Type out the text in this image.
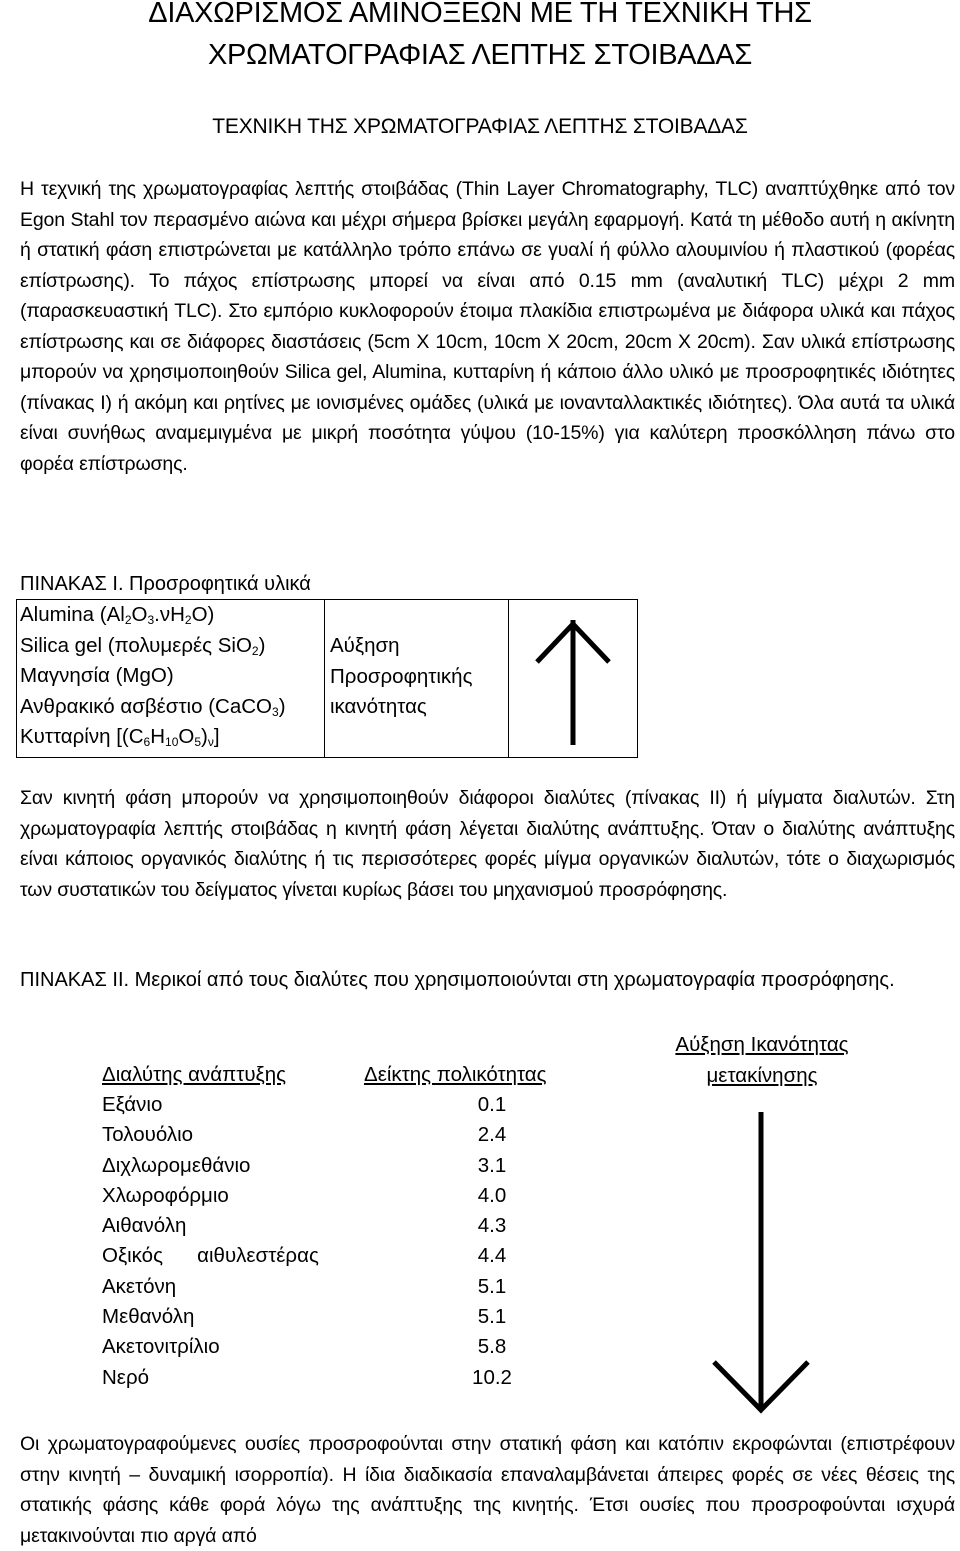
ΔΙΑΧΩΡΙΣΜΟΣ ΑΜΙΝΟΞΕΩΝ ΜΕ ΤΗ ΤΕΧΝΙΚΗ ΤΗΣ ΧΡΩΜΑΤΟΓΡΑΦΙΑΣ ΛΕΠΤΗΣ ΣΤΟΙΒΑΔΑΣ
ΤΕΧΝΙΚΗ ΤΗΣ ΧΡΩΜΑΤΟΓΡΑΦΙΑΣ ΛΕΠΤΗΣ ΣΤΟΙΒΑΔΑΣ

Η τεχνική της χρωματογραφίας λεπτής στοιβάδας (Thin Layer Chromatography, TLC) αναπτύχθηκε από τον Egon Stahl τον περασμένο αιώνα και μέχρι σήμερα βρίσκει μεγάλη εφαρμογή. Κατά τη μέθοδο αυτή η ακίνητη ή στατική φάση επιστρώνεται με κατάλληλο τρόπο επάνω σε γυαλί ή φύλλο αλουμινίου ή πλαστικού (φορέας επίστρωσης). Το πάχος επίστρωσης μπορεί να είναι από 0.15 mm (αναλυτική TLC) μέχρι 2 mm (παρασκευαστική TLC). Στο εμπόριο κυκλοφορούν έτοιμα πλακίδια επιστρωμένα με διάφορα υλικά και πάχος επίστρωσης και σε διάφορες διαστάσεις (5cm X 10cm, 10cm X 20cm, 20cm X 20cm). Σαν υλικά επίστρωσης μπορούν να χρησιμοποιηθούν Silica gel, Alumina, κυτταρίνη ή κάποιο άλλο υλικό με προσροφητικές ιδιότητες (πίνακας Ι) ή ακόμη και ρητίνες με ιονισμένες ομάδες (υλικά με ιονανταλλακτικές ιδιότητες). Όλα αυτά τα υλικά είναι συνήθως αναμεμιγμένα με μικρή ποσότητα γύψου (10-15%) για καλύτερη προσκόλληση πάνω στο φορέα επίστρωσης.

ΠΙΝΑΚΑΣ Ι. Προσροφητικά υλικά

Alumina $(Al_2O_3.\nu H_2O)$
Silica gel (πολυμερές SiO$_2$)
Μαγνησία (MgO)
Ανθρακικό ασβέστιο (CaCO$_3$)
Κυτταρίνη $[(C_6H_{10}O_5)_\nu]$

Αύξηση
Προσροφητικής
ικανότητας

Σαν κινητή φάση μπορούν να χρησιμοποιηθούν διάφοροι διαλύτες (πίνακας ΙΙ) ή μίγματα διαλυτών. Στη χρωματογραφία λεπτής στοιβάδας η κινητή φάση λέγεται διαλύτης ανάπτυξης. Όταν ο διαλύτης ανάπτυξης είναι κάποιος οργανικός διαλύτης ή τις περισσότερες φορές μίγμα οργανικών διαλυτών, τότε ο διαχωρισμός των συστατικών του δείγματος γίνεται κυρίως βάσει του μηχανισμού προσρόφησης.

ΠΙΝΑΚΑΣ ΙΙ. Μερικοί από τους διαλύτες που χρησιμοποιούνται στη χρωματογραφία προσρόφησης.

Διαλύτης ανάπτυξης	Δείκτης πολικότητας
Αύξηση Ικανότητας
μετακίνησης
Εξάνιο	0.1
Τολουόλιο	2.4
Διχλωρομεθάνιο	3.1
Χλωροφόρμιο	4.0
Αιθανόλη	4.3
Οξικός      αιθυλεστέρας	4.4
Ακετόνη	5.1
Μεθανόλη	5.1
Ακετονιτρίλιο	5.8
Νερό	10.2

Οι χρωματογραφούμενες ουσίες προσροφούνται στην στατική φάση και κατόπιν εκροφώνται (επιστρέφουν στην κινητή – δυναμική ισορροπία). Η ίδια διαδικασία επαναλαμβάνεται άπειρες φορές σε νέες θέσεις της στατικής φάσης κάθε φορά λόγω της ανάπτυξης της κινητής. Έτσι ουσίες που προσροφούνται ισχυρά μετακινούνται πιο αργά από
